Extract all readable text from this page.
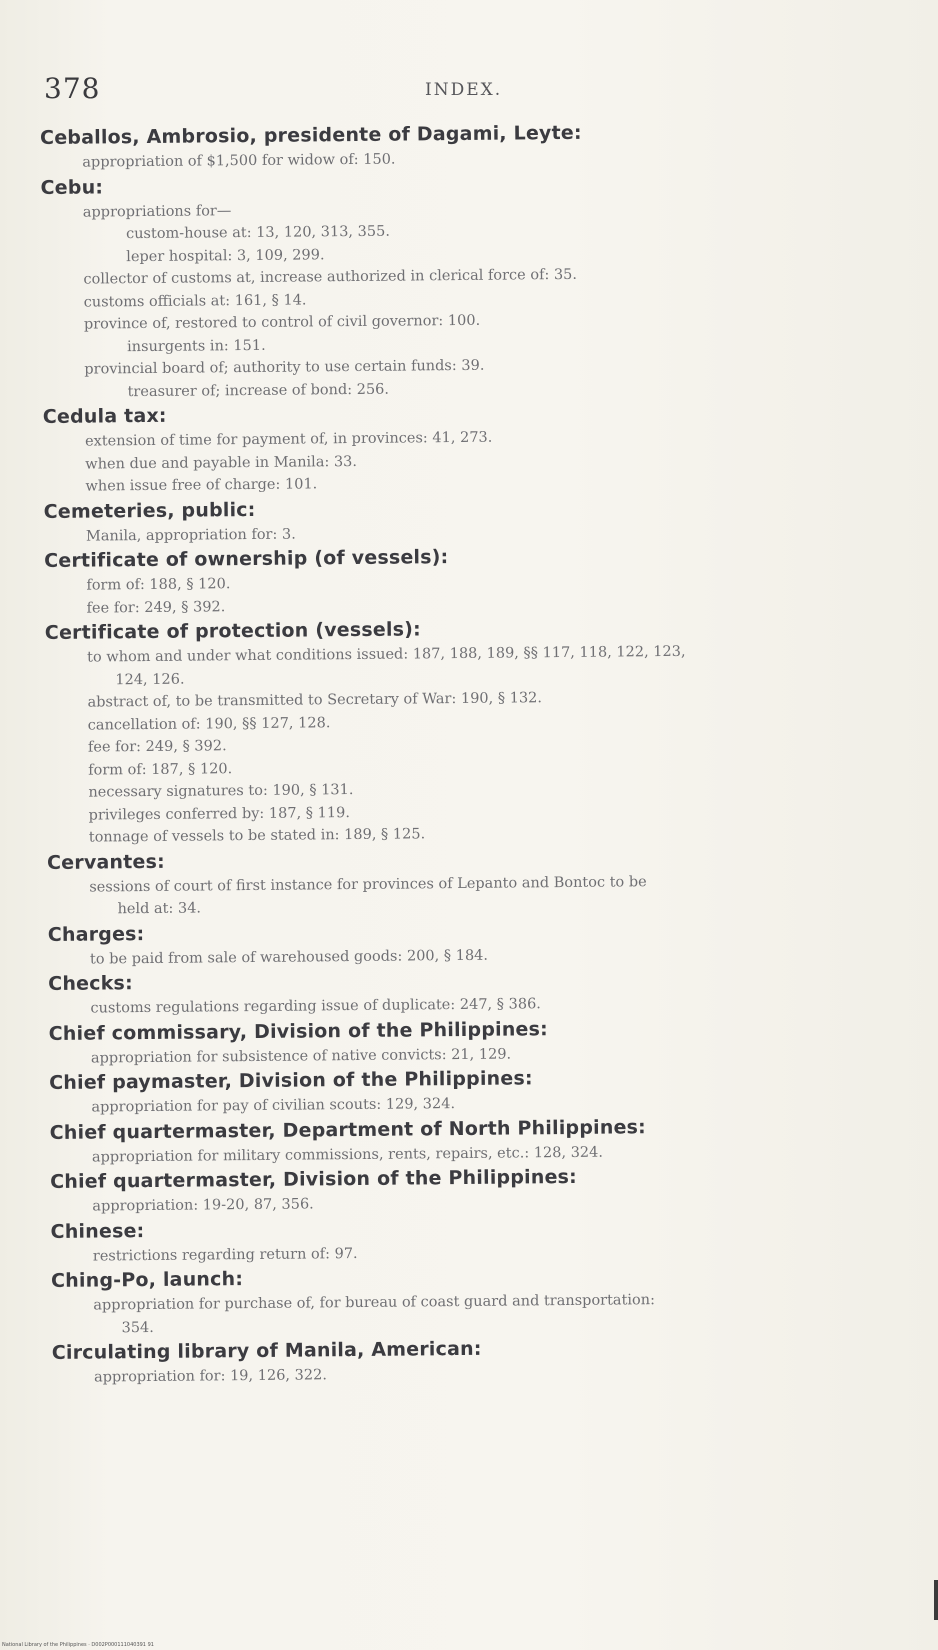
378	INDEX.
Ceballos, Ambrosio, presidente of Dagami, Leyte:
appropriation of $1,500 for widow of: 150.
Cebu:
appropriations for—
custom-house at: 13, 120, 313, 355.
leper hospital: 3, 109, 299.
collector of customs at, increase authorized in clerical force of: 35.
customs officials at: 161, § 14.
province of, restored to control of civil governor: 100.
insurgents in: 151.
provincial board of; authority to use certain funds: 39.
treasurer of; increase of bond: 256.
Cedula tax:
extension of time for payment of, in provinces: 41, 273.
when due and payable in Manila: 33.
when issue free of charge: 101.
Cemeteries, public:
Manila, appropriation for: 3.
Certificate of ownership (of vessels):
form of: 188, § 120.
fee for: 249, § 392.
Certificate of protection (vessels):
to whom and under what conditions issued: 187, 188, 189, §§ 117, 118, 122, 123,
124, 126.
abstract of, to be transmitted to Secretary of War: 190, § 132.
cancellation of: 190, §§ 127, 128.
fee for: 249, § 392.
form of: 187, § 120.
necessary signatures to: 190, § 131.
privileges conferred by: 187, § 119.
tonnage of vessels to be stated in: 189, § 125.
Cervantes:
sessions of court of first instance for provinces of Lepanto and Bontoc to be
held at: 34.
Charges:
to be paid from sale of warehoused goods: 200, § 184.
Checks:
customs regulations regarding issue of duplicate: 247, § 386.
Chief commissary, Division of the Philippines:
appropriation for subsistence of native convicts: 21, 129.
Chief paymaster, Division of the Philippines:
appropriation for pay of civilian scouts: 129, 324.
Chief quartermaster, Department of North Philippines:
appropriation for military commissions, rents, repairs, etc.: 128, 324.
Chief quartermaster, Division of the Philippines:
appropriation: 19-20, 87, 356.
Chinese:
restrictions regarding return of: 97.
Ching-Po, launch:
appropriation for purchase of, for bureau of coast guard and transportation:
354.
Circulating library of Manila, American:
appropriation for: 19, 126, 322.
National Library of the Philippines · D002P000111040391 91
